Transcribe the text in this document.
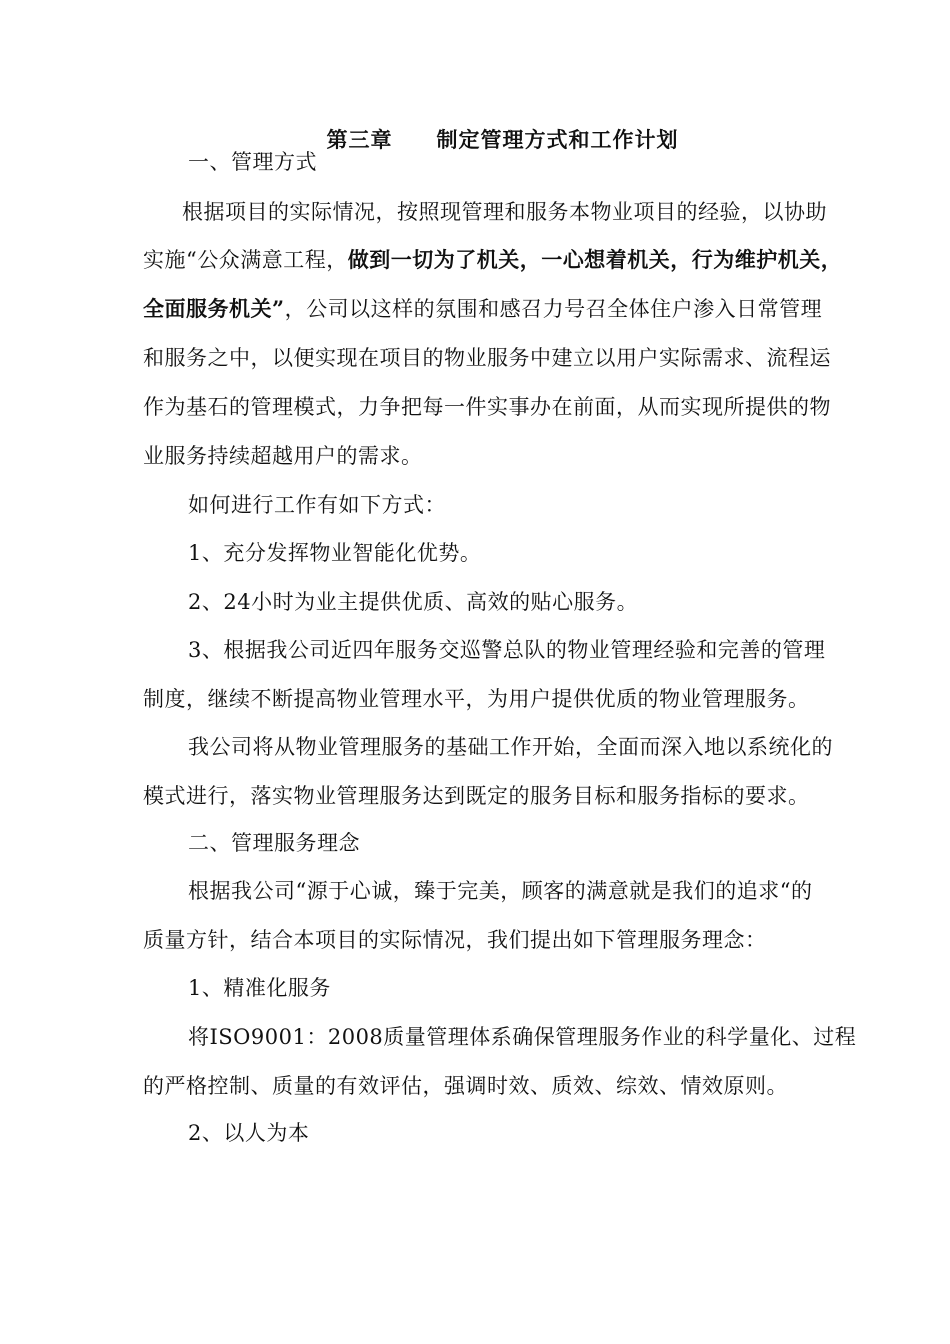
第三章　　制定管理方式和工作计划
一、管理方式
根据项目的实际情况，按照现管理和服务本物业项目的经验，以协助
实施“公众满意工程，做到一切为了机关，一心想着机关，行为维护机关，
全面服务机关”，公司以这样的氛围和感召力号召全体住户渗入日常管理
和服务之中，以便实现在项目的物业服务中建立以用户实际需求、流程运
作为基石的管理模式，力争把每一件实事办在前面，从而实现所提供的物
业服务持续超越用户的需求。
如何进行工作有如下方式：
1、充分发挥物业智能化优势。
2、24小时为业主提供优质、高效的贴心服务。
3、根据我公司近四年服务交巡警总队的物业管理经验和完善的管理
制度，继续不断提高物业管理水平，为用户提供优质的物业管理服务。
我公司将从物业管理服务的基础工作开始，全面而深入地以系统化的
模式进行，落实物业管理服务达到既定的服务目标和服务指标的要求。
二、管理服务理念
根据我公司“源于心诚，臻于完美，顾客的满意就是我们的追求“的
质量方针，结合本项目的实际情况，我们提出如下管理服务理念：
1、精准化服务
将ISO9001：2008质量管理体系确保管理服务作业的科学量化、过程
的严格控制、质量的有效评估，强调时效、质效、综效、情效原则。
2、以人为本
